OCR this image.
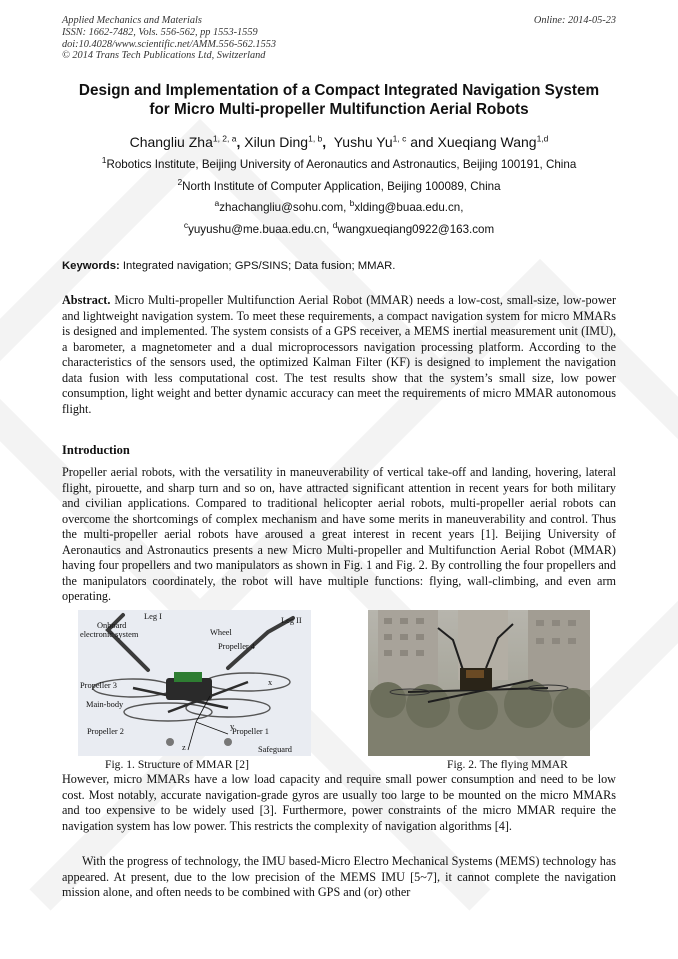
Applied Mechanics and Materials
ISSN: 1662-7482, Vols. 556-562, pp 1553-1559
doi:10.4028/www.scientific.net/AMM.556-562.1553
© 2014 Trans Tech Publications Ltd, Switzerland
Online: 2014-05-23
Design and Implementation of a Compact Integrated Navigation System
for Micro Multi-propeller Multifunction Aerial Robots
Changliu Zha$^{1, 2, a}$, Xilun Ding$^{1, b}$, Yushu Yu$^{1, c}$ and Xueqiang Wang$^{1,d}$
$^1$Robotics Institute, Beijing University of Aeronautics and Astronautics, Beijing 100191, China
$^2$North Institute of Computer Application, Beijing 100089, China
$^a$zhachangliu@sohu.com, $^b$xlding@buaa.edu.cn,
$^c$yuyushu@me.buaa.edu.cn, $^d$wangxueqiang0922@163.com
Keywords: Integrated navigation; GPS/SINS; Data fusion; MMAR.
Abstract. Micro Multi-propeller Multifunction Aerial Robot (MMAR) needs a low-cost, small-size, low-power and lightweight navigation system. To meet these requirements, a compact navigation system for micro MMARs is designed and implemented. The system consists of a GPS receiver, a MEMS inertial measurement unit (IMU), a barometer, a magnetometer and a dual microprocessors navigation processing platform. According to the characteristics of the sensors used, the optimized Kalman Filter (KF) is designed to implement the navigation data fusion with less computational cost. The test results show that the system’s small size, low power consumption, light weight and better dynamic accuracy can meet the requirements of micro MMAR autonomous flight.
Introduction
Propeller aerial robots, with the versatility in maneuverability of vertical take-off and landing, hovering, lateral flight, pirouette, and sharp turn and so on, have attracted significant attention in recent years for both military and civilian applications. Compared to traditional helicopter aerial robots, multi-propeller aerial robots can overcome the shortcomings of complex mechanism and have some merits in maneuverability and control. Thus the multi-propeller aerial robots have aroused a great interest in recent years [1]. Beijing University of Aeronautics and Astronautics presents a new Micro Multi-propeller and Multifunction Aerial Robot (MMAR) having four propellers and two manipulators as shown in Fig. 1 and Fig. 2. By controlling the four propellers and the manipulators coordinately, the robot will have multiple functions: flying, wall-climbing, and even arm operating.
Leg I	Leg II
Wheel
Onboard
electronic system
Propeller 4
Propeller 3
Main-body
Propeller 2	Propeller 1
Safeguard
x
y
z
Fig. 1. Structure of MMAR [2]	Fig. 2. The flying MMAR
However, micro MMARs have a low load capacity and require small power consumption and need to be low cost. Most notably, accurate navigation-grade gyros are usually too large to be mounted on the micro MMARs and too expensive to be widely used [3]. Furthermore, power constraints of the micro MMAR require the navigation system has low power. This restricts the complexity of navigation algorithms [4].
With the progress of technology, the IMU based-Micro Electro Mechanical Systems (MEMS) technology has appeared. At present, due to the low precision of the MEMS IMU [5~7], it cannot complete the navigation mission alone, and often needs to be combined with GPS and (or) other
